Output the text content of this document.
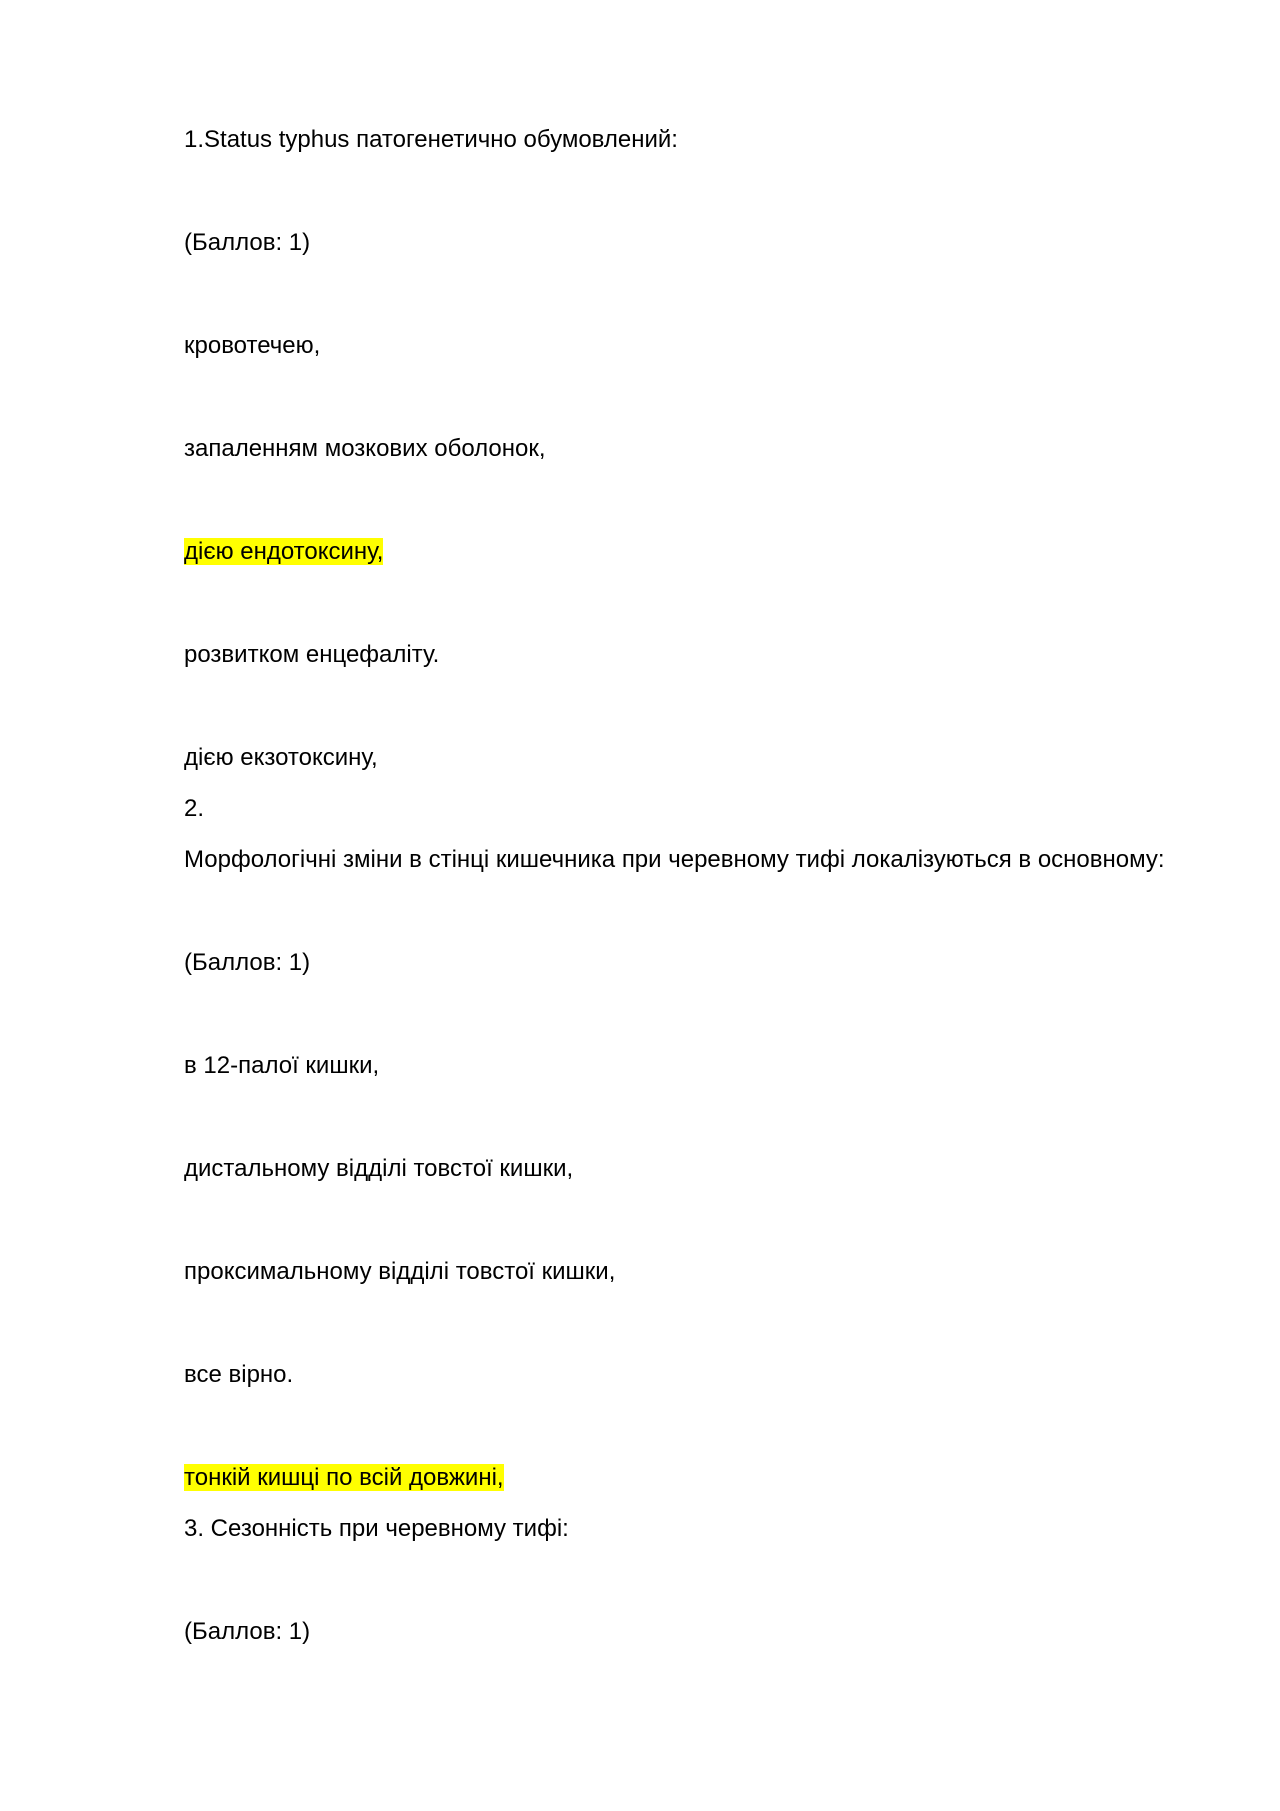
1.Status typhus патогенетично обумовлений:
(Баллов: 1)
кровотечею,
запаленням мозкових оболонок,
дією ендотоксину,
розвитком енцефаліту.
дією екзотоксину,
2.
Морфологічні зміни в стінці кишечника при черевному тифі локалізуються в основному:
(Баллов: 1)
в 12-палої кишки,
дистальному відділі товстої кишки,
проксимальному відділі товстої кишки,
все вірно.
тонкій кишці по всій довжині,
3. Сезонність при черевному тифі:
(Баллов: 1)
